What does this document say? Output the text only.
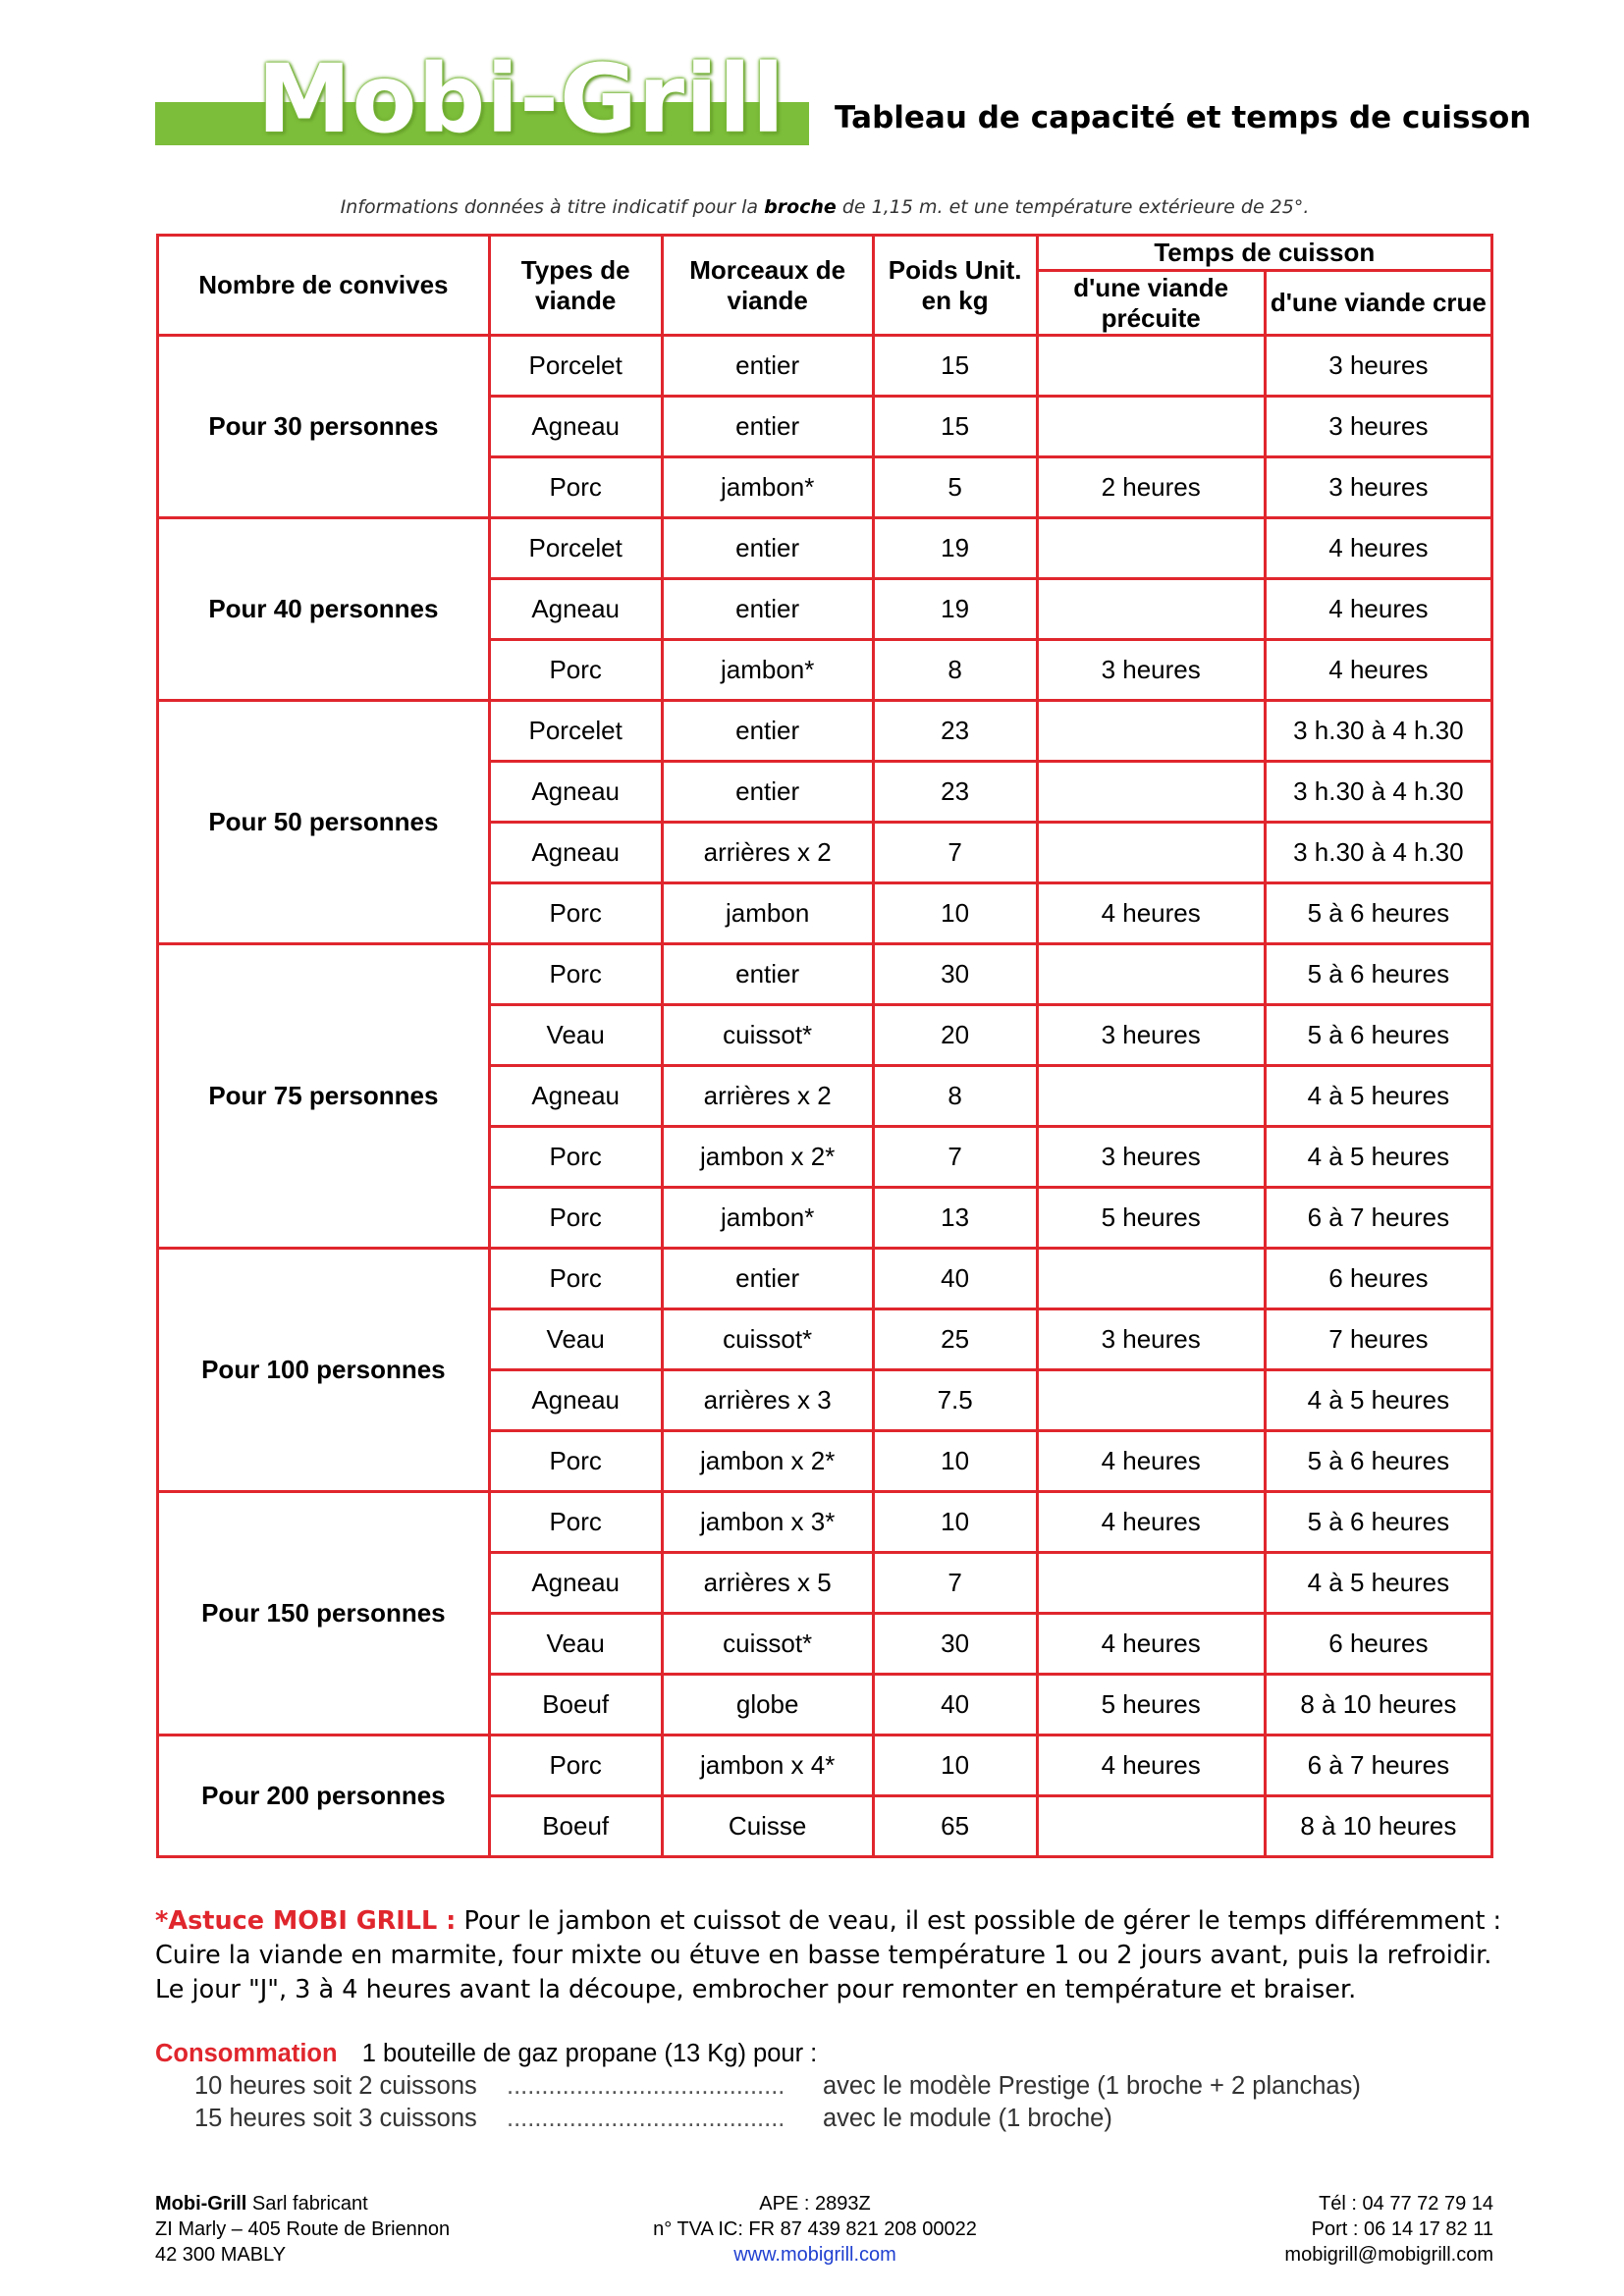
Mobi-Grill Tableau de capacité et temps de cuisson
Informations données à titre indicatif pour la broche de 1,15 m. et une température extérieure de 25°.
Nombre de convives	Types de viande	Morceaux de viande	Poids Unit. en kg	Temps de cuisson	
				d'une viande précuite	d'une viande crue
Pour 30 personnes	Porcelet	entier	15		3 heures
	Agneau	entier	15		3 heures
	Porc	jambon*	5	2 heures	3 heures
Pour 40 personnes	Porcelet	entier	19		4 heures
	Agneau	entier	19		4 heures
	Porc	jambon*	8	3 heures	4 heures
Pour 50 personnes	Porcelet	entier	23		3 h.30 à 4 h.30
	Agneau	entier	23		3 h.30 à 4 h.30
	Agneau	arrières x 2	7		3 h.30 à 4 h.30
	Porc	jambon	10	4 heures	5 à 6 heures
Pour 75 personnes	Porc	entier	30		5 à 6 heures
	Veau	cuissot*	20	3 heures	5 à 6 heures
	Agneau	arrières x 2	8		4 à 5 heures
	Porc	jambon x 2*	7	3 heures	4 à 5 heures
	Porc	jambon*	13	5 heures	6 à 7 heures
Pour 100 personnes	Porc	entier	40		6 heures
	Veau	cuissot*	25	3 heures	7 heures
	Agneau	arrières x 3	7.5		4 à 5 heures
	Porc	jambon x 2*	10	4 heures	5 à 6 heures
Pour 150 personnes	Porc	jambon x 3*	10	4 heures	5 à 6 heures
	Agneau	arrières x 5	7		4 à 5 heures
	Veau	cuissot*	30	4 heures	6 heures
	Boeuf	globe	40	5 heures	8 à 10 heures
Pour 200 personnes	Porc	jambon x 4*	10	4 heures	6 à 7 heures
	Boeuf	Cuisse	65		8 à 10 heures
*Astuce MOBI GRILL : Pour le jambon et cuissot de veau, il est possible de gérer le temps différemment :
Cuire la viande en marmite, four mixte ou étuve en basse température 1 ou 2 jours avant, puis la refroidir.
Le jour "J", 3 à 4 heures avant la découpe, embrocher pour remonter en température et braiser.
Consommation 1 bouteille de gaz propane (13 Kg) pour :
10 heures soit 2 cuissons ........................................	avec le modèle Prestige (1 broche + 2 planchas)
15 heures soit 3 cuissons ........................................	avec le module (1 broche)
Mobi-Grill Sarl fabricant
ZI Marly – 405 Route de Briennon
42 300 MABLY
APE : 2893Z
n° TVA IC: FR 87 439 821 208 00022
www.mobigrill.com
Tél : 04 77 72 79 14
Port : 06 14 17 82 11
mobigrill@mobigrill.com
